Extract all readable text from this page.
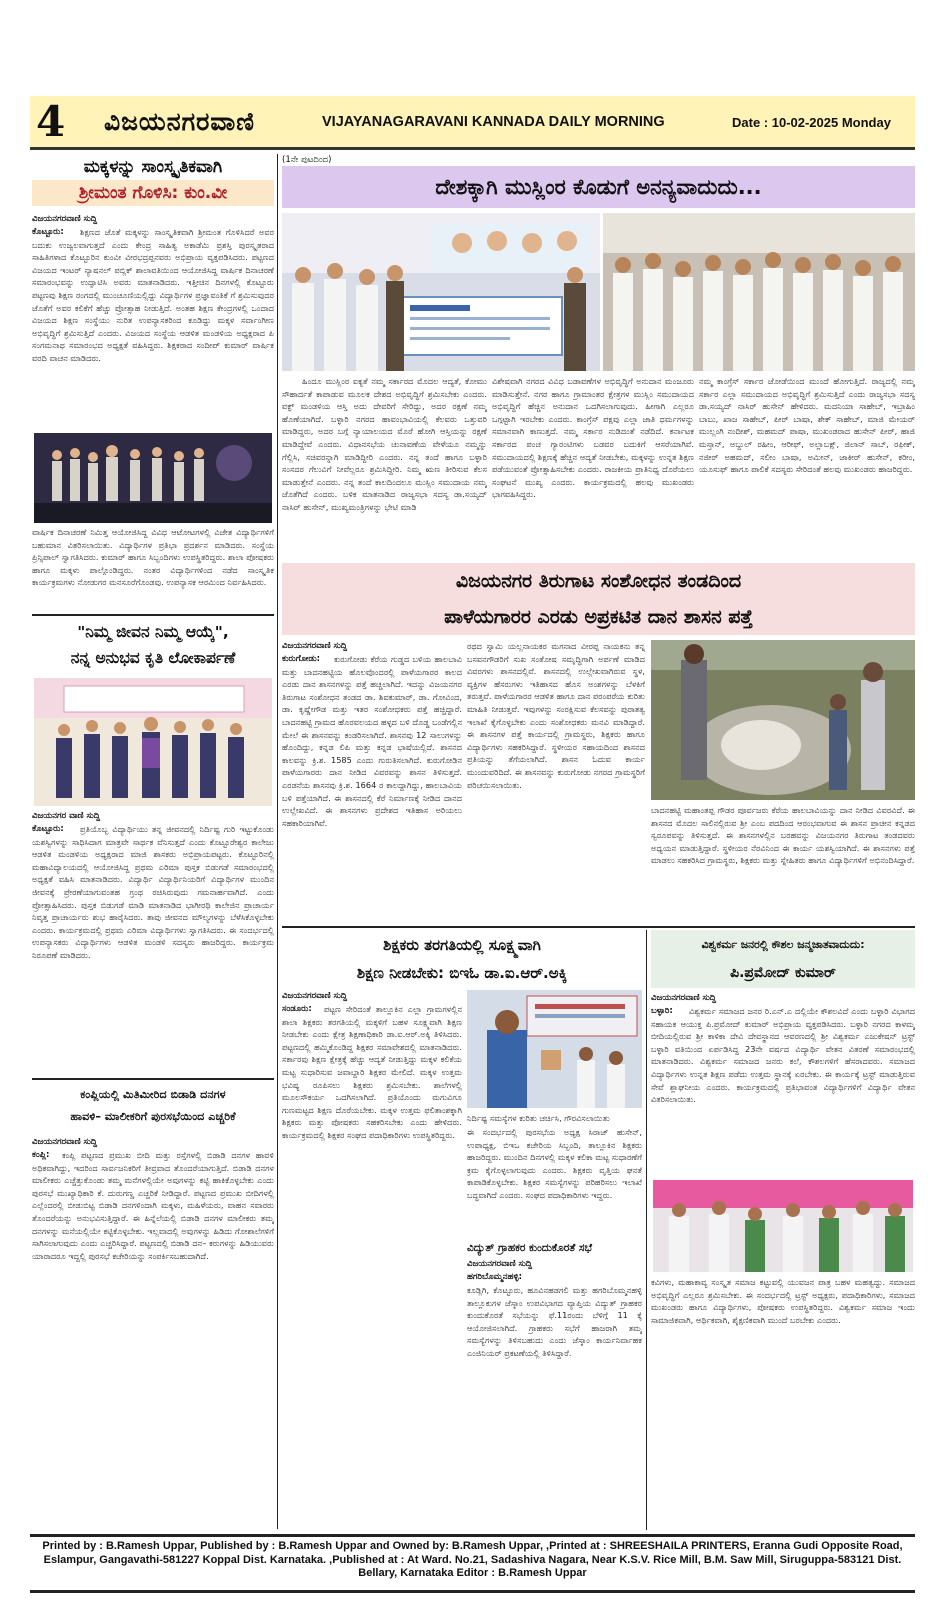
4 ವಿಜಯನಗರವಾಣಿ	VIJAYANAGARAVANI KANNADA DAILY MORNING	Date : 10-02-2025 Monday
ಮಕ್ಕಳನ್ನು ಸಾಂಸ್ಕೃತಿಕವಾಗಿ
ಶ್ರೀಮಂತ ಗೊಳಿಸಿ: ಕುಂ.ವೀ
ವಿಜಯನಗರವಾಣಿ ಸುದ್ದಿ
ಕೊಟ್ಟೂರು:	ಶಿಕ್ಷಣದ ಜೊತೆ ಮಕ್ಕಳನ್ನು ಸಾಂಸ್ಕೃತಿಕವಾಗಿ ಶ್ರೀಮಂತ ಗೊಳಿಸಿದರೆ ಅವರ ಬದುಕು ಉಜ್ವಲವಾಗುತ್ತದೆ ಎಂದು ಕೇಂದ್ರ ಸಾಹಿತ್ಯ ಅಕಾಡೆಮಿ ಪ್ರಶಸ್ತಿ ಪುರಸ್ಕೃತರಾದ ಸಾಹಿತಿಗಳಾದ ಕೊಟ್ಟೂರಿನ ಕುಂವೀ ವೀರಭದ್ರಪ್ಪನವರು ಅಭಿಪ್ರಾಯ ವ್ಯಕ್ತಪಡಿಸಿದರು. ಪಟ್ಟಣದ ವಿಜಯದ ಇಂಟರ್ ನ್ಯಾಷನಲ್ ಪಬ್ಲಿಕ್ ಶಾಲಾವತಿಯಿಂದ ಆಯೋಜಿಸಿದ್ದ ವಾರ್ಷಿಕ ದಿನಾಚರಣೆ ಸಮಾರಂಭವನ್ನು ಉದ್ಘಾಟಿಸಿ ಅವರು ಮಾತನಾಡಿದರು. ಇತ್ತೀಚಿನ ದಿನಗಳಲ್ಲಿ ಕೊಟ್ಟೂರು ಪಟ್ಟಣವು ಶಿಕ್ಷಣ ರಂಗದಲ್ಲಿ ಮುಂಚೂಣಿಯಲ್ಲಿದ್ದು ವಿದ್ಯಾರ್ಥಿಗಳ ಪ್ರಜ್ಞಾವಂತಿಕೆ ಗೆ ಶ್ರಮಿಸುವುದರ ಜೊತೆಗೆ ಅವರ ಕಲಿಕೆಗೆ ಹೆಚ್ಚು ಪ್ರೋತ್ಸಾಹ ನೀಡುತ್ತಿದೆ. ಅಂತಹ ಶಿಕ್ಷಣ ಕೇಂದ್ರಗಳಲ್ಲಿ ಒಂದಾದ ವಿಜಯದ ಶಿಕ್ಷಣ ಸಂಸ್ಥೆಯು ನುರಿತ ಉಪನ್ಯಾಸಕರಿಂದ ಕೂಡಿದ್ದು ಮಕ್ಕಳ ಸರ್ವಾಂಗೀಣ ಅಭಿವೃದ್ಧಿಗೆ ಶ್ರಮಿಸುತ್ತಿದೆ ಎಂದರು. ವಿಜಯದ ಸಂಸ್ಥೆಯ ಆಡಳಿತ ಮಂಡಳಿಯ ಅಧ್ಯಕ್ಷರಾದ ಪಿ ಸಂಗಮನಾಥ ಸಮಾರಂಭದ ಅಧ್ಯಕ್ಷತೆ ವಹಿಸಿದ್ದರು. ಶಿಕ್ಷಕರಾದ ಸಂದೀಪ್ ಕುಮಾರ್ ವಾರ್ಷಿಕ ವರದಿ ವಾಚನ ಮಾಡಿದರು.
ವಾರ್ಷಿಕ ದಿನಾಚರಣೆ ನಿಮಿತ್ತ ಆಯೋಜಿಸಿದ್ದ ವಿವಿಧ ಆಟೋಟಗಳಲ್ಲಿ ವಿಜೇತ ವಿದ್ಯಾರ್ಥಿಗಳಿಗೆ ಬಹುಮಾನ ವಿತರಿಸಲಾಯಿತು. ವಿದ್ಯಾರ್ಥಿಗಳ ಪ್ರತಿಭಾ ಪ್ರದರ್ಶನ ಮಾಡಿದರು. ಸಂಸ್ಥೆಯ ಪ್ರಿನ್ಸಿಪಾಲ್ ಸ್ವಾಗತಿಸಿದರು. ಕುಮಾರ್ ಹಾಗೂ ಸಿಬ್ಬಂದಿಗಳು ಉಪಸ್ಥಿತರಿದ್ದರು. ಶಾಲಾ ಪೋಷಕರು ಹಾಗೂ ಮಕ್ಕಳು ಪಾಲ್ಗೊಂಡಿದ್ದರು. ನಂತರ ವಿದ್ಯಾರ್ಥಿಗಳಿಂದ ನಡೆದ ಸಾಂಸ್ಕೃತಿಕ ಕಾರ್ಯಕ್ರಮಗಳು ನೋಡುಗರ ಮನಸೂರೆಗೊಂಡವು. ಉಪನ್ಯಾಸಕ ಆರಮಿಂದ ನಿರ್ವಹಿಸಿದರು.
"ನಿಮ್ಮ ಜೀವನ ನಿಮ್ಮ ಆಯ್ಕೆ",
ನನ್ನ ಅನುಭವ ಕೃತಿ ಲೋಕಾರ್ಪಣೆ
ವಿಜಯನಗರ ವಾಣಿ ಸುದ್ದಿ
ಕೊಟ್ಟೂರು:	ಪ್ರತಿಯೊಬ್ಬ ವಿದ್ಯಾರ್ಥಿಯು ತನ್ನ ಜೀವನದಲ್ಲಿ ನಿರ್ದಿಷ್ಟ ಗುರಿ ಇಟ್ಟುಕೊಂಡು ಯಶಸ್ವಿಗಳನ್ನು ಸಾಧಿಸಿದಾಗ ಮಾತ್ರವೇ ಸಾರ್ಥಕ ವೆನಿಸುತ್ತದೆ ಎಂದು ಕೊಟ್ಟೂರೇಶ್ವರ ಕಾಲೇಜು ಆಡಳಿತ ಮಂಡಳಿಯ ಅಧ್ಯಕ್ಷರಾದ ಮಾಜಿ ಶಾಸಕರು ಅಭಿಪ್ರಾಯಪಟ್ಟರು. ಕೊಟ್ಟೂರಿನಲ್ಲಿ ಮಹಾವಿದ್ಯಾಲಯದಲ್ಲಿ ಆಯೋಜಿಸಿದ್ದ ಪ್ರಥಮ ಎರಿಮಾ ಪುಸ್ತಕ ಬಿಡುಗಡೆ ಸಮಾರಂಭದಲ್ಲಿ ಅಧ್ಯಕ್ಷತೆ ವಹಿಸಿ ಮಾತನಾಡಿದರು. ವಿದ್ಯಾರ್ಥಿ ವಿದ್ಯಾರ್ಥಿನಿಯರಿಗೆ ವಿದ್ಯಾರ್ಥಿಗಳ ಮುಂದಿನ ಜೀವನಕ್ಕೆ ಪ್ರೇರಣೆಯಾಗುವಂತಹ ಗ್ರಂಥ ರಚಿಸಿರುವುದು ಗಮನಾರ್ಹವಾಗಿದೆ. ಎಂದು ಪ್ರೋತ್ಸಾಹಿಸಿದರು. ಪುಸ್ತಕ ಬಿಡುಗಡೆ ಮಾಡಿ ಮಾತನಾಡಿದ ಭಾಗೀರಥಿ ಕಾಲೇಜಿನ ಪ್ರಾಚಾರ್ಯ ನಿವೃತ್ತ ಪ್ರಾಚಾರ್ಯರು ಶುಭ ಹಾರೈಸಿದರು. ತಾವು ಜೀವನದ ಮೌಲ್ಯಗಳನ್ನು ಬೆಳೆಸಿಕೊಳ್ಳಬೇಕು ಎಂದರು. ಕಾರ್ಯಕ್ರಮದಲ್ಲಿ ಪ್ರಥಮ ಎರಿಮಾ ವಿದ್ಯಾರ್ಥಿಗಳು ಸ್ವಾಗತಿಸಿದರು. ಈ ಸಂದರ್ಭದಲ್ಲಿ ಉಪನ್ಯಾಸಕರು ವಿದ್ಯಾರ್ಥಿಗಳು ಆಡಳಿತ ಮಂಡಳಿ ಸದಸ್ಯರು ಹಾಜರಿದ್ದರು. ಕಾರ್ಯಕ್ರಮ ನಿರೂಪಣೆ ಮಾಡಿದರು.
ಕಂಪ್ಲಿಯಲ್ಲಿ ಮಿತಿಮೀರಿದ ಬಿಡಾಡಿ ದನಗಳ
ಹಾವಳಿ– ಮಾಲೀಕರಿಗೆ ಪುರಸಭೆಯಿಂದ ಎಚ್ಚರಿಕೆ
ವಿಜಯನಗರವಾಣಿ ಸುದ್ದಿ
ಕಂಪ್ಲಿ:	ಕಂಪ್ಲಿ ಪಟ್ಟಣದ ಪ್ರಮುಖ ಬೀದಿ ಮತ್ತು ರಸ್ತೆಗಳಲ್ಲಿ ಬಿಡಾಡಿ ದನಗಳ ಹಾವಳಿ ಅಧಿಕವಾಗಿದ್ದು, ಇದರಿಂದ ಸಾರ್ವಜನಿಕರಿಗೆ ತೀವ್ರವಾದ ತೊಂದರೆಯಾಗುತ್ತಿದೆ. ಬಿಡಾಡಿ ದನಗಳ ಮಾಲೀಕರು ಎಚ್ಚೆತ್ತುಕೊಂಡು ತಮ್ಮ ಮನೆಗಳಲ್ಲಿಯೇ ಅವುಗಳನ್ನು ಕಟ್ಟಿ ಹಾಕಿಕೊಳ್ಳಬೇಕು ಎಂದು ಪುರಸಭೆ ಮುಖ್ಯಾಧಿಕಾರಿ ಕೆ. ದುರುಗಣ್ಣ ಎಚ್ಚರಿಕೆ ನೀಡಿದ್ದಾರೆ. ಪಟ್ಟಣದ ಪ್ರಮುಖ ಬೀದಿಗಳಲ್ಲಿ ಎಲ್ಲೆಂದರಲ್ಲಿ ಬೀಡುಬಿಟ್ಟ ಬಿಡಾಡಿ ದನಗಳಿಂದಾಗಿ ಮಕ್ಕಳು, ಮಹಿಳೆಯರು, ವಾಹನ ಸವಾರರು ತೊಂದರೆಯನ್ನು ಅನುಭವಿಸುತ್ತಿದ್ದಾರೆ. ಈ ಹಿನ್ನೆಲೆಯಲ್ಲಿ ಬಿಡಾಡಿ ದನಗಳ ಮಾಲೀಕರು ತಮ್ಮ ದನಗಳನ್ನು ಮನೆಯಲ್ಲಿಯೇ ಕಟ್ಟಿಕೊಳ್ಳಬೇಕು. ಇಲ್ಲವಾದಲ್ಲಿ ಅವುಗಳನ್ನು ಹಿಡಿದು ಗೋಶಾಲೆಗಳಿಗೆ ಸಾಗಿಸಲಾಗುವುದು ಎಂದು ಎಚ್ಚರಿಸಿದ್ದಾರೆ. ಪಟ್ಟಣದಲ್ಲಿ ಬಿಡಾಡಿ ದನ– ಕರುಗಳನ್ನು ಹಿಡಿಯುವರು ಯಾರಾದರೂ ಇದ್ದಲ್ಲಿ ಪುರಸಭೆ ಕಚೇರಿಯನ್ನು ಸಂಪರ್ಕಿಸಬಹುದಾಗಿದೆ.
(1ನೇ ಪುಟದಿಂದ)
ದೇಶಕ್ಕಾಗಿ ಮುಸ್ಲಿಂರ ಕೊಡುಗೆ ಅನನ್ಯವಾದುದು...
ಹಿಂದೂ ಮುಸ್ಲಿಂರ ಐಕ್ಯತೆ ನಮ್ಮ ಸರ್ಕಾರದ ಮೊದಲ ಆದ್ಯತೆ, ಕೋಮು ಸೌಹಾರ್ದತೆ ಕಾಪಾಡುವ ಮೂಲಕ ದೇಶದ ಅಭಿವೃದ್ಧಿಗೆ ಶ್ರಮಿಸಬೇಕು ಎಂದರು. ವಕ್ಫ್ ಮಂಡಳಿಯ ಆಸ್ತಿ ಅದು ದೇವರಿಗೆ ಸೇರಿದ್ದು, ಅದರ ರಕ್ಷಣೆ ನಮ್ಮ ಹೊಣೆಯಾಗಿದೆ. ಬಳ್ಳಾರಿ ನಗರದ ಹಾವಂಭಾವಿಯಲ್ಲಿ ಕೆಲವರು ಒತ್ತುವರಿ ಮಾಡಿದ್ದರು, ಅದರ ಬಗ್ಗೆ ನ್ಯಾಯಾಲಯದ ಮೊರೆ ಹೋಗಿ ಆಸ್ತಿಯನ್ನು ರಕ್ಷಣೆ ಮಾಡಿದ್ದೇವೆ ಎಂದರು. ವಿಧಾನಸಭೆಯ ಚುನಾವಣೆಯ ವೇಳೆಯೂ ನಮ್ಮನ್ನು ಗೆಲ್ಲಿಸಿ, ಸಚಿವರನ್ನಾಗಿ ಮಾಡಿದ್ದೀರಿ ಎಂದರು. ನನ್ನ ತಂದೆ ಹಾಗೂ ಬಳ್ಳಾರಿ ಸಂಸದರ ಗೆಲುವಿಗೆ ನೀವೆಲ್ಲರೂ ಶ್ರಮಿಸಿದ್ದೀರಿ. ನಿಮ್ಮ ಋಣ ತೀರಿಸುವ ಕೆಲಸ ಮಾಡುತ್ತೇನೆ ಎಂದರು. ನನ್ನ ತಂದೆ ಕಾಲದಿಂದಲೂ ಮುಸ್ಲಿಂ ಸಮುದಾಯ ನಮ್ಮ ಜೊತೆಗಿದೆ ಎಂದರು. ಬಳಿಕ ಮಾತನಾಡಿದ ರಾಜ್ಯಸಭಾ ಸದಸ್ಯ ಡಾ.ಸಯ್ಯದ್ ನಾಸಿರ್ ಹುಸೇನ್, ಮುಖ್ಯಮಂತ್ರಿಗಳನ್ನು ಭೇಟಿ ಮಾಡಿ
ವಿಶೇಷವಾಗಿ ನಗರದ ವಿವಿಧ ಬಡಾವಣೆಗಳ ಅಭಿವೃದ್ಧಿಗೆ ಅನುದಾನ ಮಂಜೂರು ಮಾಡಿಸುತ್ತೇನೆ. ನಗರ ಹಾಗೂ ಗ್ರಾಮಾಂತರ ಕ್ಷೇತ್ರಗಳ ಮುಸ್ಲಿಂ ಸಮುದಾಯದ ಅಭಿವೃದ್ಧಿಗೆ ಹೆಚ್ಚಿನ ಅನುದಾನ ಒದಗಿಸಲಾಗುವುದು. ಹೀಗಾಗಿ ಎಲ್ಲರೂ ಒಗ್ಗಟ್ಟಾಗಿ ಇರಬೇಕು ಎಂದರು. ಕಾಂಗ್ರೆಸ್ ಪಕ್ಷವು ಎಲ್ಲಾ ಜಾತಿ ಧರ್ಮಗಳನ್ನು ಸಮಾನವಾಗಿ ಕಾಣುತ್ತದೆ. ನಮ್ಮ ಸರ್ಕಾರ ನುಡಿದಂತೆ ನಡೆದಿದೆ. ಕರ್ನಾಟಕ ಸರ್ಕಾರದ ಪಂಚ ಗ್ಯಾರಂಟಿಗಳು ಬಡವರ ಬದುಕಿಗೆ ಆಸರೆಯಾಗಿವೆ. ಸಮುದಾಯದಲ್ಲಿ ಶಿಕ್ಷಣಕ್ಕೆ ಹೆಚ್ಚಿನ ಆದ್ಯತೆ ನೀಡಬೇಕು, ಮಕ್ಕಳನ್ನು ಉನ್ನತ ಶಿಕ್ಷಣ ಪಡೆಯುವಂತೆ ಪ್ರೋತ್ಸಾಹಿಸಬೇಕು ಎಂದರು. ರಾಜಕೀಯ ಪ್ರಾತಿನಿಧ್ಯ ದೊರೆಯಲು ಸಂಘಟನೆ ಮುಖ್ಯ ಎಂದರು. ಕಾರ್ಯಕ್ರಮದಲ್ಲಿ ಹಲವು ಮುಖಂಡರು ಭಾಗವಹಿಸಿದ್ದರು.
ನಮ್ಮ ಕಾಂಗ್ರೆಸ್ ಸರ್ಕಾರ ಜೋಡೆಯಿಂದ ಮುಂದೆ ಹೋಗುತ್ತಿದೆ. ರಾಜ್ಯದಲ್ಲಿ ನಮ್ಮ ಸರ್ಕಾರ ಎಲ್ಲಾ ಸಮುದಾಯದ ಅಭಿವೃದ್ಧಿಗೆ ಶ್ರಮಿಸುತ್ತಿದೆ ಎಂದು ರಾಜ್ಯಸಭಾ ಸದಸ್ಯ ಡಾ.ಸಯ್ಯದ್ ನಾಸಿರ್ ಹುಸೇನ್ ಹೇಳಿದರು. ಮದನಿಯಾ ಸಾಹೇಬ್, ಇಬ್ರಾಹಿಂ ಬಾಬು, ಖಾಜ ಸಾಹೇಬ್, ಪೀರ್ ಬಾಷಾ, ಶೇಕ್ ಸಾಹೇಬ್, ಮಾಜಿ ಮೇಯರ್ ಮುಲ್ಲಂಗಿ ನಂದೀಶ್, ಮಹಮದ್ ಪಾಷಾ, ಮುಖಂಡರಾದ ಹುಸೇನ್ ಪೀರ್, ಹಾಜಿ ಮಸ್ತಾನ್, ಅಬ್ದುಲ್ ರಹೀಂ, ಆರೀಫ್, ಅಲ್ಲಾಬಕ್ಷ್, ಜಿಲಾನ್ ಸಾಬ್, ರಫೀಕ್, ನಜೀರ್ ಅಹಮದ್, ಸಲೀಂ ಬಾಷಾ, ಅಮೀನ್, ಜಾಕೀರ್ ಹುಸೇನ್, ಕರೀಂ, ಯೂಸುಫ್ ಹಾಗೂ ಪಾಲಿಕೆ ಸದಸ್ಯರು ಸೇರಿದಂತೆ ಹಲವು ಮುಖಂಡರು ಹಾಜರಿದ್ದರು.
ವಿಜಯನಗರ ತಿರುಗಾಟ ಸಂಶೋಧನ ತಂಡದಿಂದ
ಪಾಳೆಯಗಾರರ ಎರಡು ಅಪ್ರಕಟಿತ ದಾನ ಶಾಸನ ಪತ್ತೆ
ವಿಜಯನಗರವಾಣಿ ಸುದ್ದಿ
ಕುರುಗೋಡು:	ಕುರುಗೋಡು ಕೆರೆಯ ಗುಡ್ಡದ ಬಳಿಯ ಹಾಲಬಾವಿ ಮತ್ತು ಬಾದನಹಟ್ಟಿಯ ಹೊಲವೊಂದರಲ್ಲಿ ಪಾಳೆಯಗಾರರ ಕಾಲದ ಎರಡು ದಾನ ಶಾಸನಗಳನ್ನು ಪತ್ತೆ ಹಚ್ಚಲಾಗಿದೆ. ಇದನ್ನು ವಿಜಯನಗರ ತಿರುಗಾಟ ಸಂಶೋಧನ ತಂಡದ ಡಾ. ಶಿವಕುಮಾರ್, ಡಾ. ಗೋವಿಂದ, ಡಾ. ಕೃಷ್ಣೇಗೌಡ ಮತ್ತು ಇತರ ಸಂಶೋಧಕರು ಪತ್ತೆ ಹಚ್ಚಿದ್ದಾರೆ. ಬಾದನಹಟ್ಟಿ ಗ್ರಾಮದ ಹೊರವಲಯದ ಹಳ್ಳದ ಬಳಿ ದೊಡ್ಡ ಬಂಡೆಗಲ್ಲಿನ ಮೇಲೆ ಈ ಶಾಸನವನ್ನು ಕಂಡರಿಸಲಾಗಿದೆ. ಶಾಸನವು 12 ಸಾಲುಗಳನ್ನು ಹೊಂದಿದ್ದು, ಕನ್ನಡ ಲಿಪಿ ಮತ್ತು ಕನ್ನಡ ಭಾಷೆಯಲ್ಲಿದೆ. ಶಾಸನದ ಕಾಲವನ್ನು ಕ್ರಿ.ಶ. 1585 ಎಂದು ಗುರುತಿಸಲಾಗಿದೆ. ಕುರುಗೋಡಿನ ಪಾಳೆಯಗಾರರು ದಾನ ನೀಡಿದ ವಿವರವನ್ನು ಶಾಸನ ತಿಳಿಸುತ್ತದೆ. ಎರಡನೆಯ ಶಾಸನವು ಕ್ರಿ.ಶ. 1664 ರ ಕಾಲದ್ದಾಗಿದ್ದು, ಹಾಲಬಾವಿಯ ಬಳಿ ಪತ್ತೆಯಾಗಿದೆ. ಈ ಶಾಸನದಲ್ಲಿ ಕೆರೆ ನಿರ್ಮಾಣಕ್ಕೆ ನೀಡಿದ ದಾನದ ಉಲ್ಲೇಖವಿದೆ. ಈ ಶಾಸನಗಳು ಪ್ರದೇಶದ ಇತಿಹಾಸ ಅರಿಯಲು ಸಹಕಾರಿಯಾಗಿವೆ.
ರಥದ ಸ್ವಾಮಿ ಯಲ್ಲನಾಯಕರ ಮಗನಾದ ವೀರಪ್ಪ ನಾಯಕನು ತನ್ನ ಬಸವನಗೌಡರಿಗೆ ಸುಖ ಸಂತೋಷ ಸಮೃದ್ಧಿಗಾಗಿ ಅರ್ಪಣೆ ಮಾಡಿದ ವಿವರಗಳು ಶಾಸನದಲ್ಲಿವೆ. ಶಾಸನದಲ್ಲಿ ಉಲ್ಲೇಖವಾಗಿರುವ ಸ್ಥಳ, ವ್ಯಕ್ತಿಗಳ ಹೆಸರುಗಳು ಇತಿಹಾಸದ ಹೊಸ ಅಂಶಗಳನ್ನು ಬೆಳಕಿಗೆ ತರುತ್ತವೆ. ಪಾಳೆಯಗಾರರ ಆಡಳಿತ ಹಾಗೂ ದಾನ ಪರಂಪರೆಯ ಕುರಿತು ಮಾಹಿತಿ ನೀಡುತ್ತವೆ. ಇವುಗಳನ್ನು ಸಂರಕ್ಷಿಸುವ ಕೆಲಸವನ್ನು ಪುರಾತತ್ವ ಇಲಾಖೆ ಕೈಗೊಳ್ಳಬೇಕು ಎಂದು ಸಂಶೋಧಕರು ಮನವಿ ಮಾಡಿದ್ದಾರೆ. ಈ ಶಾಸನಗಳ ಪತ್ತೆ ಕಾರ್ಯದಲ್ಲಿ ಗ್ರಾಮಸ್ಥರು, ಶಿಕ್ಷಕರು ಹಾಗೂ ವಿದ್ಯಾರ್ಥಿಗಳು ಸಹಕರಿಸಿದ್ದಾರೆ. ಸ್ಥಳೀಯರ ಸಹಾಯದಿಂದ ಶಾಸನದ ಪ್ರತಿಯನ್ನು ತೆಗೆಯಲಾಗಿದೆ. ಶಾಸನ ಓದುವ ಕಾರ್ಯ ಮುಂದುವರಿದಿದೆ. ಈ ಶಾಸನವನ್ನು ಕುರುಗೋಡು ನಗರದ ಗ್ರಾಮಸ್ಥರಿಗೆ ಪರಿಚಯಿಸಲಾಯಿತು.
ಬಾದನಹಟ್ಟಿ ಮಹಾಂತಪ್ಪ ಗೌಡರ ಪೂರ್ವಜರು ಕೆರೆಯ ಹಾಲಬಾವಿಯನ್ನು ದಾನ ನೀಡಿದ ವಿವರವಿದೆ. ಈ ಶಾಸನದ ಮೊದಲ ಸಾಲಿನಲ್ಲಿರುವ ಶ್ರೀ ಎಂಬ ಪದದಿಂದ ಆರಂಭವಾಗುವ ಈ ಶಾಸನ ಪ್ರಾಚೀನ ಕನ್ನಡದ ಸ್ವರೂಪವನ್ನು ತಿಳಿಸುತ್ತದೆ. ಈ ಶಾಸನಗಳಲ್ಲಿನ ಬರಹವನ್ನು ವಿಜಯನಗರ ತಿರುಗಾಟ ತಂಡದವರು ಅಧ್ಯಯನ ಮಾಡುತ್ತಿದ್ದಾರೆ. ಸ್ಥಳೀಯರ ನೆರವಿನಿಂದ ಈ ಕಾರ್ಯ ಯಶಸ್ವಿಯಾಗಿದೆ. ಈ ಶಾಸನಗಳು ಪತ್ತೆ ಮಾಡಲು ಸಹಕರಿಸಿದ ಗ್ರಾಮಸ್ಥರು, ಶಿಕ್ಷಕರು ಮತ್ತು ಸ್ನೇಹಿತರು ಹಾಗೂ ವಿದ್ಯಾರ್ಥಿಗಳಿಗೆ ಅಭಿನಂದಿಸಿದ್ದಾರೆ.
ಶಿಕ್ಷಕರು ತರಗತಿಯಲ್ಲಿ ಸೂಕ್ಷ್ಮವಾಗಿ
ಶಿಕ್ಷಣ ನೀಡಬೇಕು: ಬಿಇಓ ಡಾ.ಐ.ಆರ್.ಅಕ್ಕಿ
ವಿಜಯನಗರವಾಣಿ ಸುದ್ದಿ
ಸಂಡೂರು:	ಪಟ್ಟಣ ಸೇರಿದಂತೆ ತಾಲ್ಲೂಕಿನ ಎಲ್ಲಾ ಗ್ರಾಮಗಳಲ್ಲಿನ ಶಾಲಾ ಶಿಕ್ಷಕರು ತರಗತಿಯಲ್ಲಿ ಮಕ್ಕಳಿಗೆ ಬಹಳ ಸೂಕ್ಷ್ಮವಾಗಿ ಶಿಕ್ಷಣ ನೀಡಬೇಕು ಎಂದು ಕ್ಷೇತ್ರ ಶಿಕ್ಷಣಾಧಿಕಾರಿ ಡಾ.ಐ.ಆರ್.ಅಕ್ಕಿ ತಿಳಿಸಿದರು. ಪಟ್ಟಣದಲ್ಲಿ ಹಮ್ಮಿಕೊಂಡಿದ್ದ ಶಿಕ್ಷಕರ ಸಮಾವೇಶದಲ್ಲಿ ಮಾತನಾಡಿದರು. ಸರ್ಕಾರವು ಶಿಕ್ಷಣ ಕ್ಷೇತ್ರಕ್ಕೆ ಹೆಚ್ಚು ಆದ್ಯತೆ ನೀಡುತ್ತಿದ್ದು ಮಕ್ಕಳ ಕಲಿಕೆಯ ಮಟ್ಟ ಸುಧಾರಿಸುವ ಜವಾಬ್ದಾರಿ ಶಿಕ್ಷಕರ ಮೇಲಿದೆ. ಮಕ್ಕಳ ಉತ್ತಮ ಭವಿಷ್ಯ ರೂಪಿಸಲು ಶಿಕ್ಷಕರು ಶ್ರಮಿಸಬೇಕು. ಶಾಲೆಗಳಲ್ಲಿ ಮೂಲಸೌಕರ್ಯ ಒದಗಿಸಲಾಗಿದೆ. ಪ್ರತಿಯೊಂದು ಮಗುವಿಗೂ ಗುಣಮಟ್ಟದ ಶಿಕ್ಷಣ ದೊರೆಯಬೇಕು. ಮಕ್ಕಳ ಉತ್ತಮ ಫಲಿತಾಂಶಕ್ಕಾಗಿ ಶಿಕ್ಷಕರು ಮತ್ತು ಪೋಷಕರು ಸಹಕರಿಸಬೇಕು ಎಂದು ಹೇಳಿದರು. ಕಾರ್ಯಕ್ರಮದಲ್ಲಿ ಶಿಕ್ಷಕರ ಸಂಘದ ಪದಾಧಿಕಾರಿಗಳು ಉಪಸ್ಥಿತರಿದ್ದರು.
ನಿರ್ದಿಷ್ಟ ಸಮಸ್ಯೆಗಳ ಕುರಿತು ಚರ್ಚಿಸಿ, ಗೌರವಿಸಲಾಯಿತು
ಈ ಸಂದರ್ಭದಲ್ಲಿ ಪುರಸಭೆಯ ಅಧ್ಯಕ್ಷ ಸಿರಾಜ್ ಹುಸೇನ್, ಉಪಾಧ್ಯಕ್ಷ, ಬಿಇಒ ಕಚೇರಿಯ ಸಿಬ್ಬಂದಿ, ತಾಲ್ಲೂಕಿನ ಶಿಕ್ಷಕರು ಹಾಜರಿದ್ದರು. ಮುಂದಿನ ದಿನಗಳಲ್ಲಿ ಮಕ್ಕಳ ಕಲಿಕಾ ಮಟ್ಟ ಸುಧಾರಣೆಗೆ ಕ್ರಮ ಕೈಗೊಳ್ಳಲಾಗುವುದು ಎಂದರು. ಶಿಕ್ಷಕರು ವೃತ್ತಿಯ ಘನತೆ ಕಾಪಾಡಿಕೊಳ್ಳಬೇಕು. ಶಿಕ್ಷಕರ ಸಮಸ್ಯೆಗಳನ್ನು ಪರಿಹರಿಸಲು ಇಲಾಖೆ ಬದ್ಧವಾಗಿದೆ ಎಂದರು. ಸಂಘದ ಪದಾಧಿಕಾರಿಗಳು ಇದ್ದರು.
ವಿದ್ಯುತ್ ಗ್ರಾಹಕರ ಕುಂದುಕೊರತೆ ಸಭೆ
ವಿಜಯನಗರವಾಣಿ ಸುದ್ದಿ
ಹಗರಿಬೊಮ್ಮನಹಳ್ಳಿ:
ಕೂಡ್ಲಿಗಿ, ಕೊಟ್ಟೂರು, ಹೂವಿನಹಡಗಲಿ ಮತ್ತು ಹಗರಿಬೊಮ್ಮನಹಳ್ಳಿ ತಾಲ್ಲೂಕುಗಳ ಜೆಸ್ಕಾಂ ಉಪವಿಭಾಗದ ವ್ಯಾಪ್ತಿಯ ವಿದ್ಯುತ್ ಗ್ರಾಹಕರ ಕುಂದುಕೊರತೆ ಸಭೆಯನ್ನು ಫೆ.11ರಂದು ಬೆಳಿಗ್ಗೆ 11 ಕ್ಕೆ ಆಯೋಜಿಸಲಾಗಿದೆ. ಗ್ರಾಹಕರು ಸಭೆಗೆ ಹಾಜರಾಗಿ ತಮ್ಮ ಸಮಸ್ಯೆಗಳನ್ನು ತಿಳಿಸಬಹುದು ಎಂದು ಜೆಸ್ಕಾಂ ಕಾರ್ಯನಿರ್ವಾಹಕ ಎಂಜಿನಿಯರ್ ಪ್ರಕಟಣೆಯಲ್ಲಿ ತಿಳಿಸಿದ್ದಾರೆ.
ವಿಶ್ವಕರ್ಮ ಜನರಲ್ಲಿ ಕೌಶಲ ಜನ್ಮಜಾತವಾದುದು:
ಪಿ.ಪ್ರಮೋದ್ ಕುಮಾರ್
ವಿಜಯನಗರವಾಣಿ ಸುದ್ದಿ
ಬಳ್ಳಾರಿ:	ವಿಶ್ವಕರ್ಮ ಸಮಾಜದ ಜನರ ರಿ.ಎನ್.ಎ ದಲ್ಲಿಯೇ ಕೌಶಲವಿದೆ ಎಂದು ಬಳ್ಳಾರಿ ವಿಭಾಗದ ಸಹಾಯಕ ಆಯುಕ್ತ ಪಿ.ಪ್ರಮೋದ್ ಕುಮಾರ್ ಅಭಿಪ್ರಾಯ ವ್ಯಕ್ತಪಡಿಸಿದರು. ಬಳ್ಳಾರಿ ನಗರದ ಕಾಳಮ್ಮ ಬೀದಿಯಲ್ಲಿರುವ ಶ್ರೀ ಕಾಳಿಕಾ ದೇವಿ ದೇವಸ್ಥಾನದ ಆವರಣದಲ್ಲಿ ಶ್ರೀ ವಿಶ್ವಕರ್ಮ ಎಜುಕೇಷನ್ ಟ್ರಸ್ಟ್ ಬಳ್ಳಾರಿ ವತಿಯಿಂದ ಏರ್ಪಡಿಸಿದ್ದ 23ನೇ ವರ್ಷದ ವಿದ್ಯಾರ್ಥಿ ವೇತನ ವಿತರಣೆ ಸಮಾರಂಭದಲ್ಲಿ ಮಾತನಾಡಿದರು. ವಿಶ್ವಕರ್ಮ ಸಮಾಜದ ಜನರು ಕಲೆ, ಕೌಶಲಗಳಿಗೆ ಹೆಸರಾದವರು. ಸಮಾಜದ ವಿದ್ಯಾರ್ಥಿಗಳು ಉನ್ನತ ಶಿಕ್ಷಣ ಪಡೆದು ಉತ್ತಮ ಸ್ಥಾನಕ್ಕೆ ಏರಬೇಕು. ಈ ಕಾರ್ಯಕ್ಕೆ ಟ್ರಸ್ಟ್ ಮಾಡುತ್ತಿರುವ ಸೇವೆ ಶ್ಲಾಘನೀಯ ಎಂದರು. ಕಾರ್ಯಕ್ರಮದಲ್ಲಿ ಪ್ರತಿಭಾವಂತ ವಿದ್ಯಾರ್ಥಿಗಳಿಗೆ ವಿದ್ಯಾರ್ಥಿ ವೇತನ ವಿತರಿಸಲಾಯಿತು.
ಕವಿಗಳು, ಮಹಾಕಾವ್ಯ ಸಂಸ್ಕೃತ ಸಮಾಜ ಕಟ್ಟುವಲ್ಲಿ ಯುವಜನ ಪಾತ್ರ ಬಹಳ ಮಹತ್ವದ್ದು. ಸಮಾಜದ ಅಭಿವೃದ್ಧಿಗೆ ಎಲ್ಲರೂ ಶ್ರಮಿಸಬೇಕು. ಈ ಸಂದರ್ಭದಲ್ಲಿ ಟ್ರಸ್ಟ್ ಅಧ್ಯಕ್ಷರು, ಪದಾಧಿಕಾರಿಗಳು, ಸಮಾಜದ ಮುಖಂಡರು ಹಾಗೂ ವಿದ್ಯಾರ್ಥಿಗಳು, ಪೋಷಕರು ಉಪಸ್ಥಿತರಿದ್ದರು. ವಿಶ್ವಕರ್ಮ ಸಮಾಜ ಇಂದು ಸಾಮಾಜಿಕವಾಗಿ, ಆರ್ಥಿಕವಾಗಿ, ಶೈಕ್ಷಣಿಕವಾಗಿ ಮುಂದೆ ಬರಬೇಕು ಎಂದರು.
Printed by : B.Ramesh Uppar, Published by : B.Ramesh Uppar and Owned by: B.Ramesh Uppar, ,Printed at : SHREESHAILA PRINTERS, Eranna Gudi Opposite Road,
Eslampur, Gangavathi-581227 Koppal Dist. Karnataka. ,Published at : At Ward. No.21, Sadashiva Nagara, Near K.S.V. Rice Mill, B.M. Saw Mill, Siruguppa-583121 Dist.
Bellary, Karnataka Editor : B.Ramesh Uppar
